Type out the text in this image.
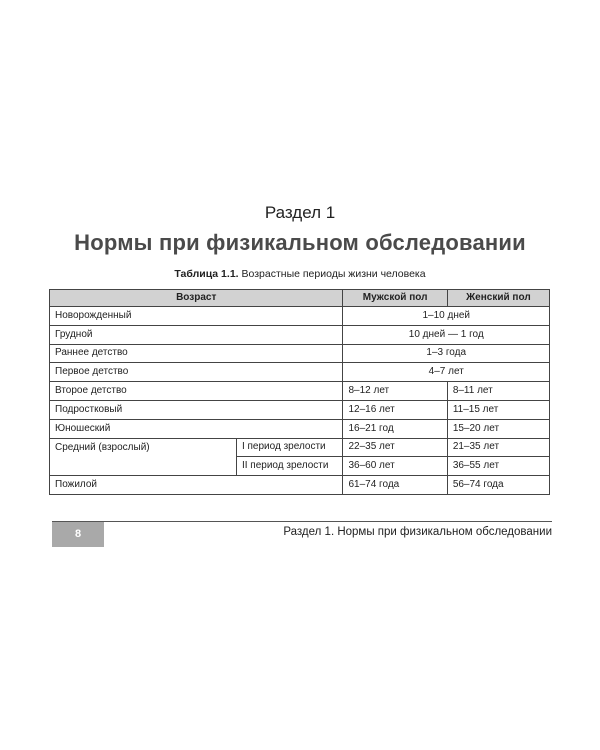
Раздел 1
Нормы при физикальном обследовании
Таблица 1.1. Возрастные периоды жизни человека
Возраст		Мужской пол	Женский пол
Новорожденный		1–10 дней	
Грудной		10 дней — 1 год	
Раннее детство		1–3 года	
Первое детство		4–7 лет	
Второе детство		8–12 лет	8–11 лет
Подростковый		12–16 лет	11–15 лет
Юношеский		16–21 год	15–20 лет
Средний (взрослый)	I период зрелости	22–35 лет	21–35 лет
	II период зрелости	36–60 лет	36–55 лет
Пожилой		61–74 года	56–74 года
8	Раздел 1. Нормы при физикальном обследовании
